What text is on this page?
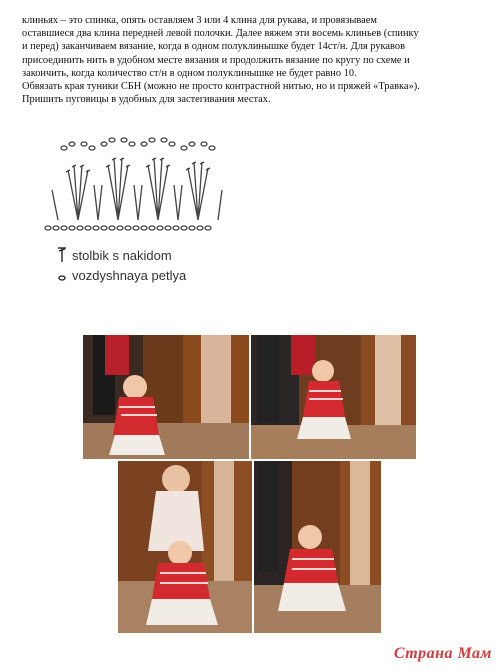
клиньях – это спинка, опять оставляем 3 или 4 клина для рукава, и провязываем

оставшиеся два клина передней левой полочки. Далее вяжем эти восемь клиньев (спинку

и перед) заканчиваем вязание, когда в одном полуклинышке будет 14ст/н. Для рукавов

присоединить нить в удобном месте вязания и продолжить вязание по кругу по схеме и

закончить, когда количество ст/н в одном полуклинышке не будет равно 10.

Обвязать края туники СБН (можно не просто контрастной нитью, но и пряжей «Травка»).

Пришить пуговицы в удобных для застегивания местах.

stolbik s nakidom
vozdyshnaya petlya
Страна Мам
